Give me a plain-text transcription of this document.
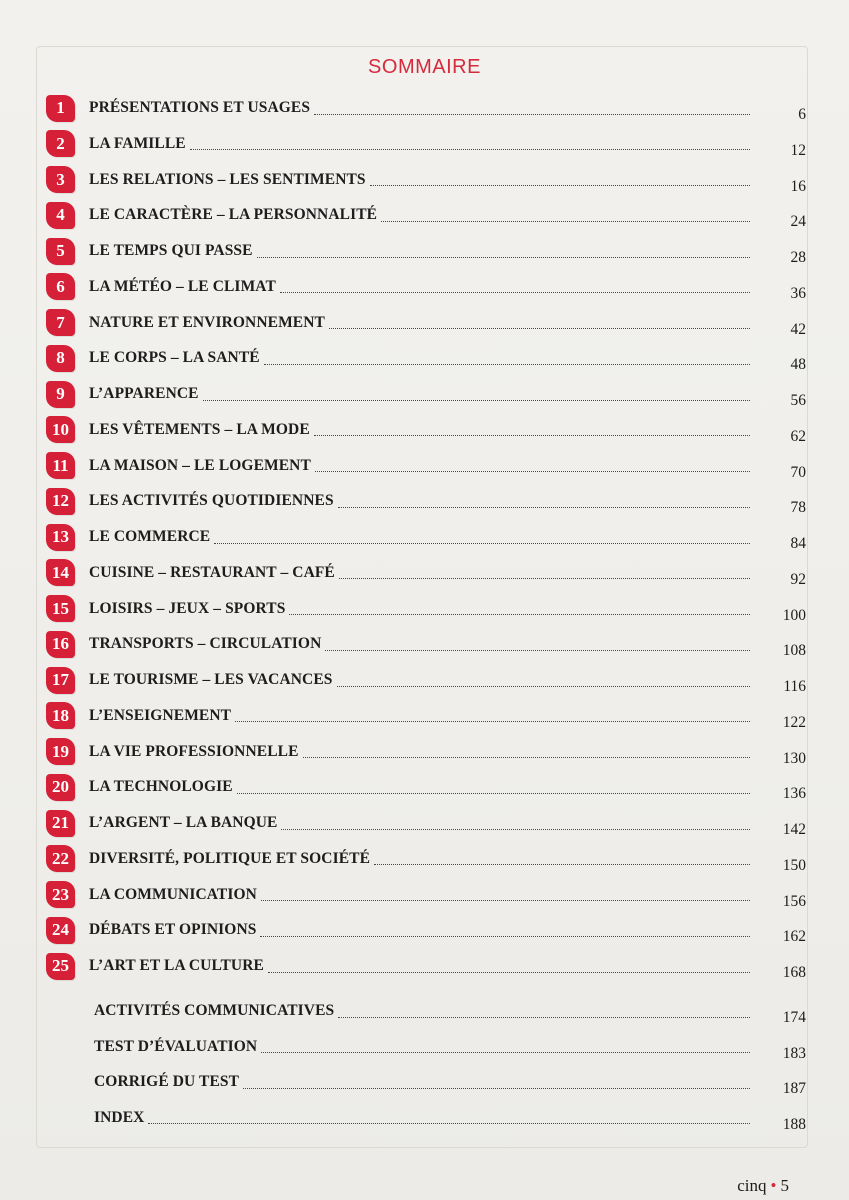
SOMMAIRE
1	PRÉSENTATIONS ET USAGES	6
2	LA FAMILLE	12
3	LES RELATIONS – LES SENTIMENTS	16
4	LE CARACTÈRE – LA PERSONNALITÉ	24
5	LE TEMPS QUI PASSE	28
6	LA MÉTÉO – LE CLIMAT	36
7	NATURE ET ENVIRONNEMENT	42
8	LE CORPS – LA SANTÉ	48
9	L’APPARENCE	56
10	LES VÊTEMENTS – LA MODE	62
11	LA MAISON – LE LOGEMENT	70
12	LES ACTIVITÉS QUOTIDIENNES	78
13	LE COMMERCE	84
14	CUISINE – RESTAURANT – CAFÉ	92
15	LOISIRS – JEUX – SPORTS	100
16	TRANSPORTS – CIRCULATION	108
17	LE TOURISME – LES VACANCES	116
18	L’ENSEIGNEMENT	122
19	LA VIE PROFESSIONNELLE	130
20	LA TECHNOLOGIE	136
21	L’ARGENT – LA BANQUE	142
22	DIVERSITÉ, POLITIQUE ET SOCIÉTÉ	150
23	LA COMMUNICATION	156
24	DÉBATS ET OPINIONS	162
25	L’ART ET LA CULTURE	168
ACTIVITÉS COMMUNICATIVES	174
TEST D’ÉVALUATION	183
CORRIGÉ DU TEST	187
INDEX	188
cinq • 5
